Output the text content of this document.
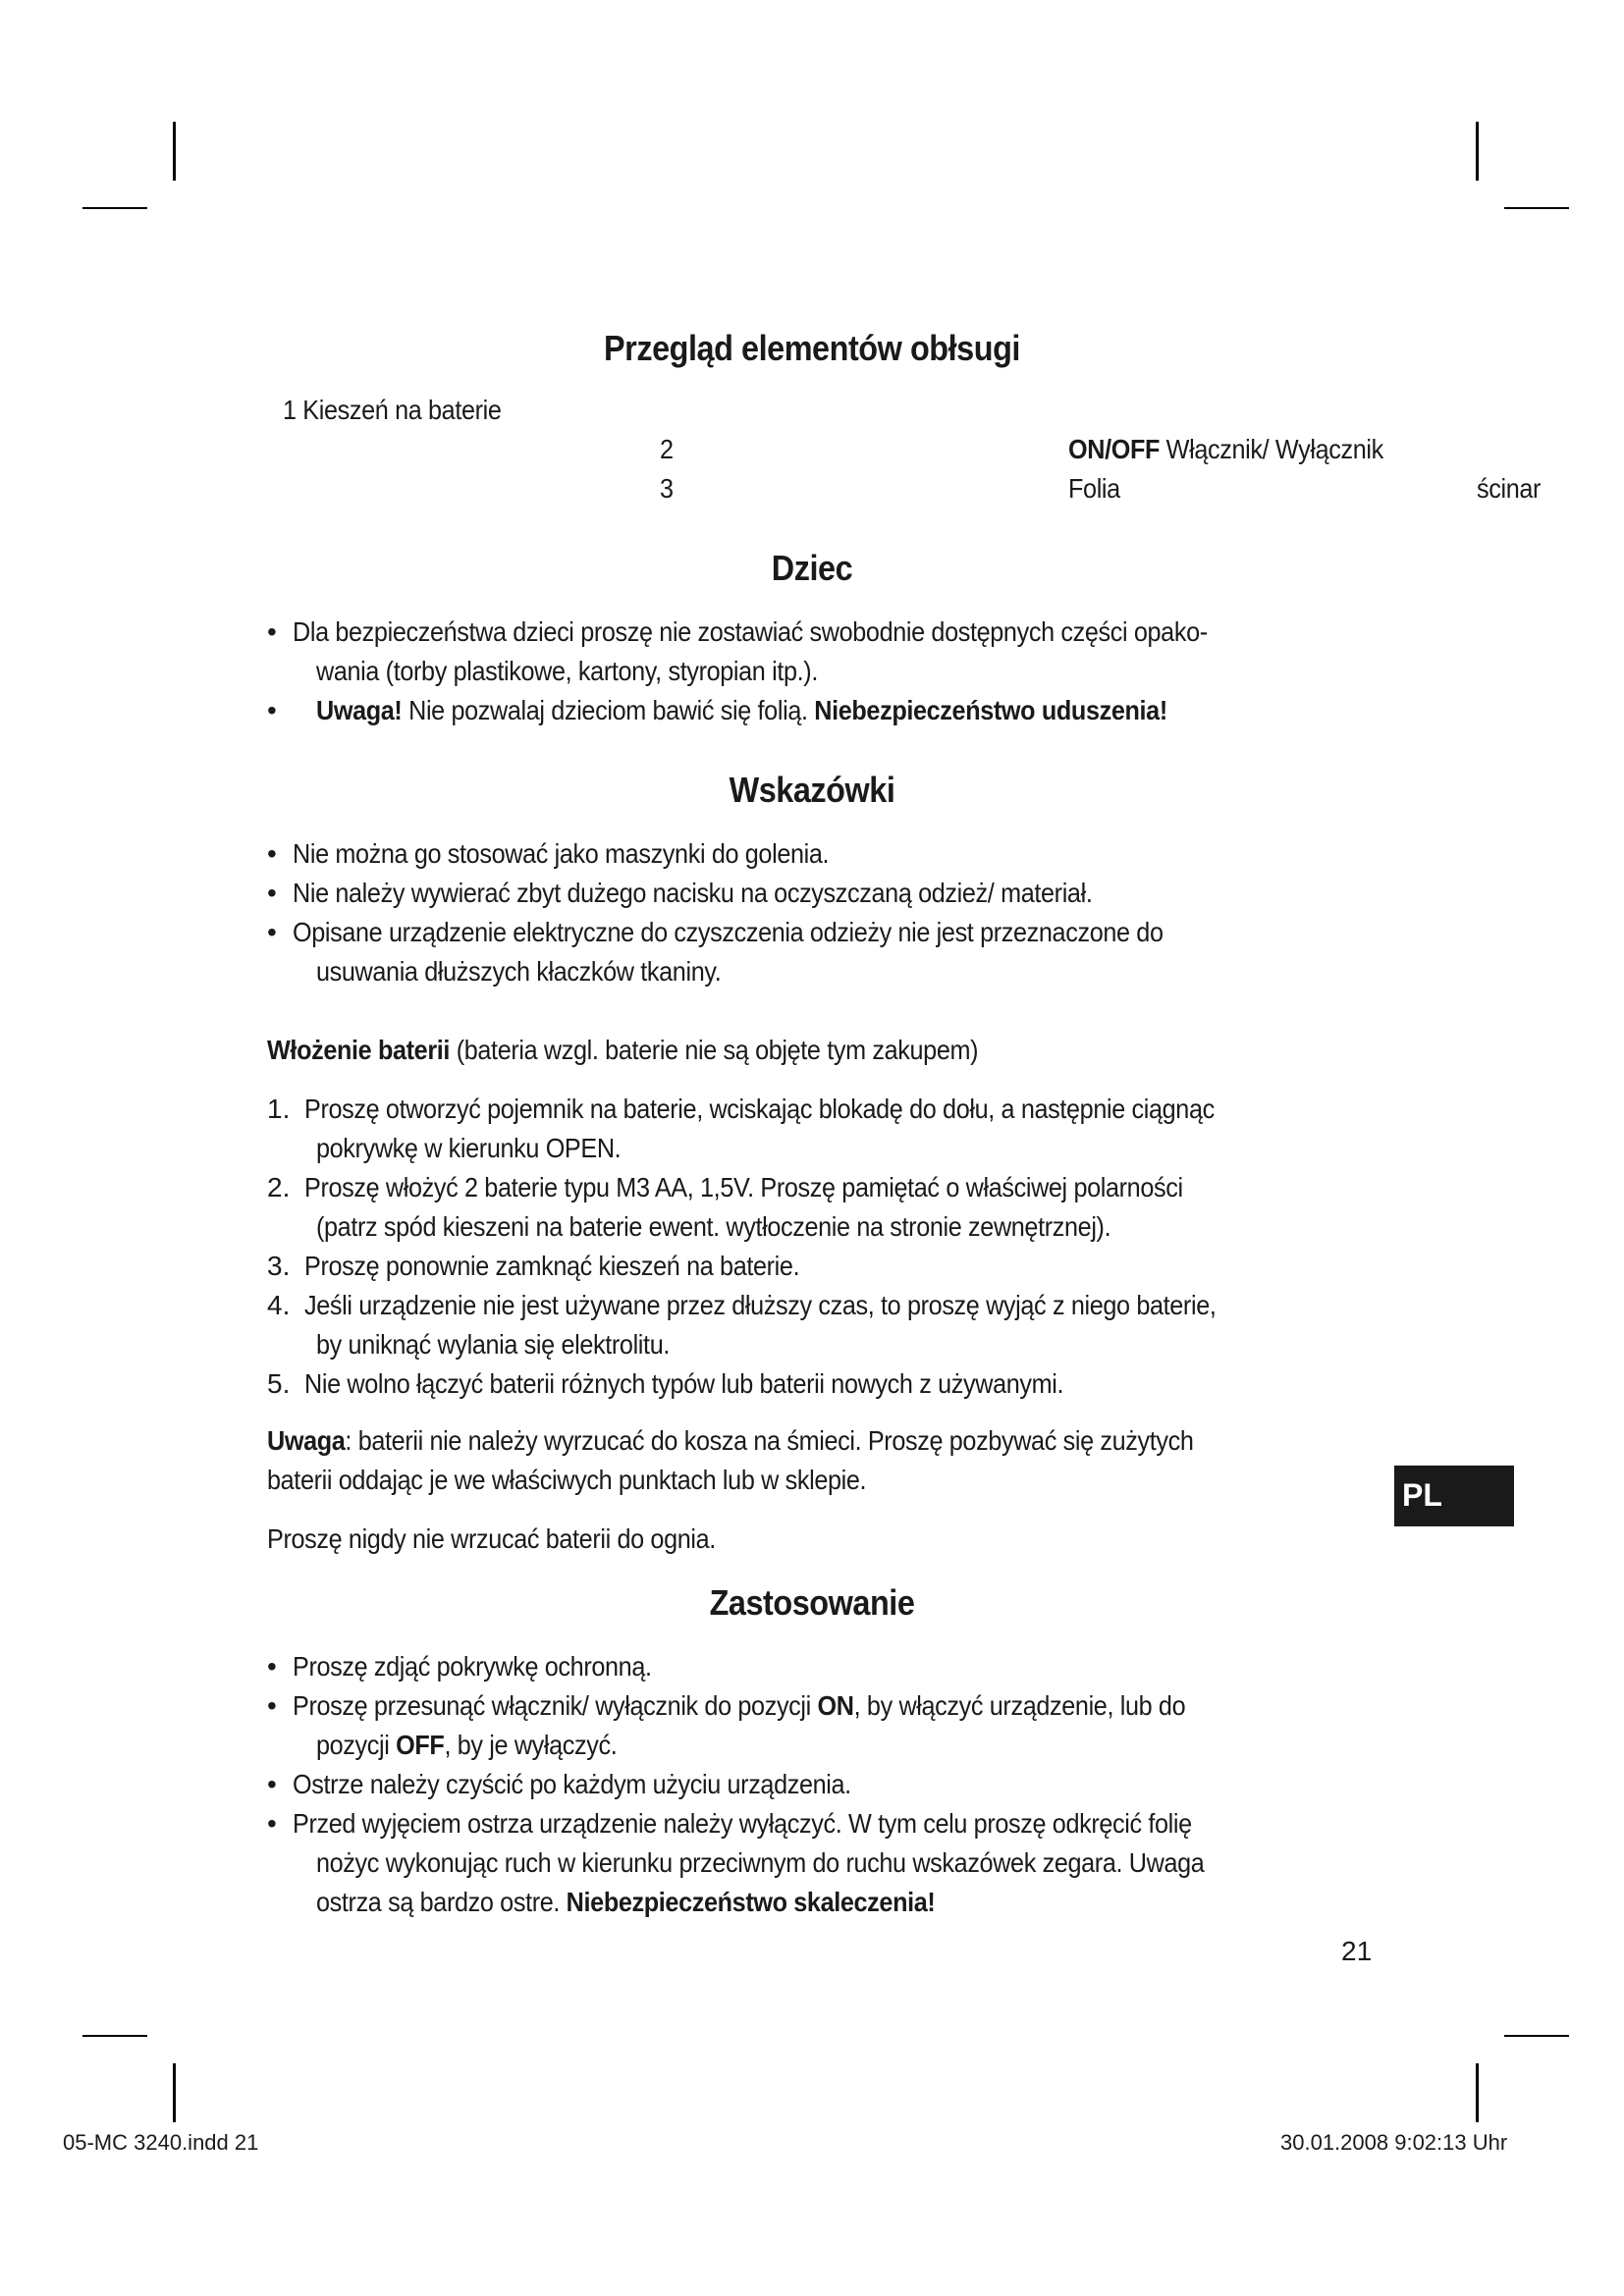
Przegląd elementów obłsugi
1 Kieszeń na baterie
2	ON/OFF Włącznik/ Wyłącznik
3	Folia	ścinar
Dziec
• Dla bezpieczeństwa dzieci proszę nie zostawiać swobodnie dostępnych części opako-
wania (torby plastikowe, kartony, styropian itp.).
• Uwaga! Nie pozwalaj dzieciom bawić się folią. Niebezpieczeństwo uduszenia!
Wskazówki
• Nie można go stosować jako maszynki do golenia.
• Nie należy wywierać zbyt dużego nacisku na oczyszczaną odzież/ materiał.
• Opisane urządzenie elektryczne do czyszczenia odzieży nie jest przeznaczone do
usuwania dłuższych kłaczków tkaniny.
Włożenie baterii (bateria wzgl. baterie nie są objęte tym zakupem)
1. Proszę otworzyć pojemnik na baterie, wciskając blokadę do dołu, a następnie ciągnąc
pokrywkę w kierunku OPEN.
2. Proszę włożyć 2 baterie typu M3 AA, 1,5V. Proszę pamiętać o właściwej polarności
(patrz spód kieszeni na baterie ewent. wytłoczenie na stronie zewnętrznej).
3. Proszę ponownie zamknąć kieszeń na baterie.
4. Jeśli urządzenie nie jest używane przez dłuższy czas, to proszę wyjąć z niego baterie,
by uniknąć wylania się elektrolitu.
5. Nie wolno łączyć baterii różnych typów lub baterii nowych z używanymi.
Uwaga: baterii nie należy wyrzucać do kosza na śmieci. Proszę pozbywać się zużytych
baterii oddając je we właściwych punktach lub w sklepie.
Proszę nigdy nie wrzucać baterii do ognia.
Zastosowanie
• Proszę zdjąć pokrywkę ochronną.
• Proszę przesunąć włącznik/ wyłącznik do pozycji ON, by włączyć urządzenie, lub do
pozycji OFF, by je wyłączyć.
• Ostrze należy czyścić po każdym użyciu urządzenia.
• Przed wyjęciem ostrza urządzenie należy wyłączyć. W tym celu proszę odkręcić folię
nożyc wykonując ruch w kierunku przeciwnym do ruchu wskazówek zegara. Uwaga
ostrza są bardzo ostre. Niebezpieczeństwo skaleczenia!
PL
21
05-MC 3240.indd 21	30.01.2008 9:02:13 Uhr
